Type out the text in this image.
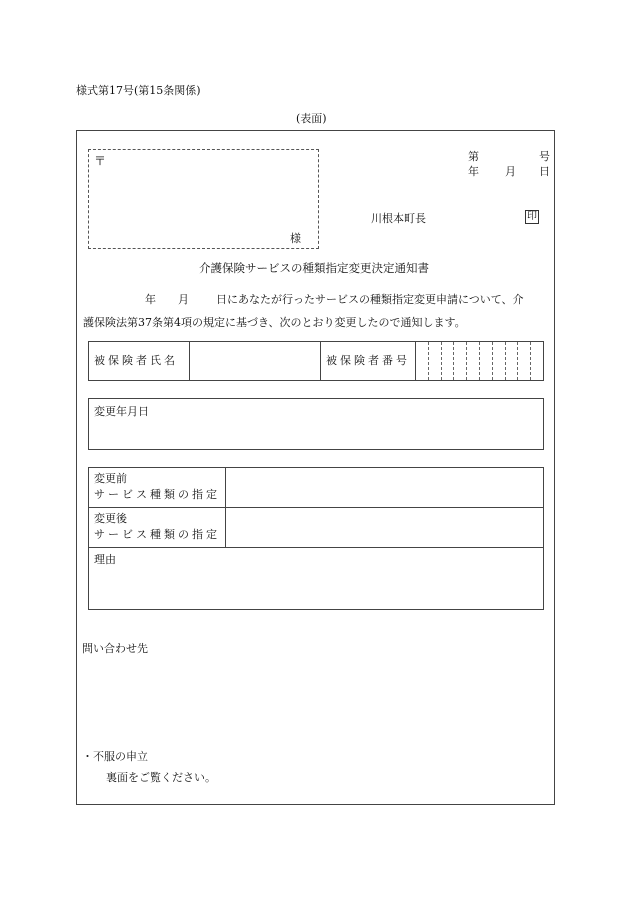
様式第17号(第15条関係)
(表面)
〒
様
第	号
年 月 日
川根本町長	印
介護保険サービスの種類指定変更決定通知書
年 月 日にあなたが行ったサービスの種類指定変更申請について、介
護保険法第37条第4項の規定に基づき、次のとおり変更したので通知します。
被保険者氏名		被保険者番号

変更年月日
変更前
サービス種類の指定	

変更後
サービス種類の指定	

理由	
問い合わせ先
・不服の申立
裏面をご覧ください。
